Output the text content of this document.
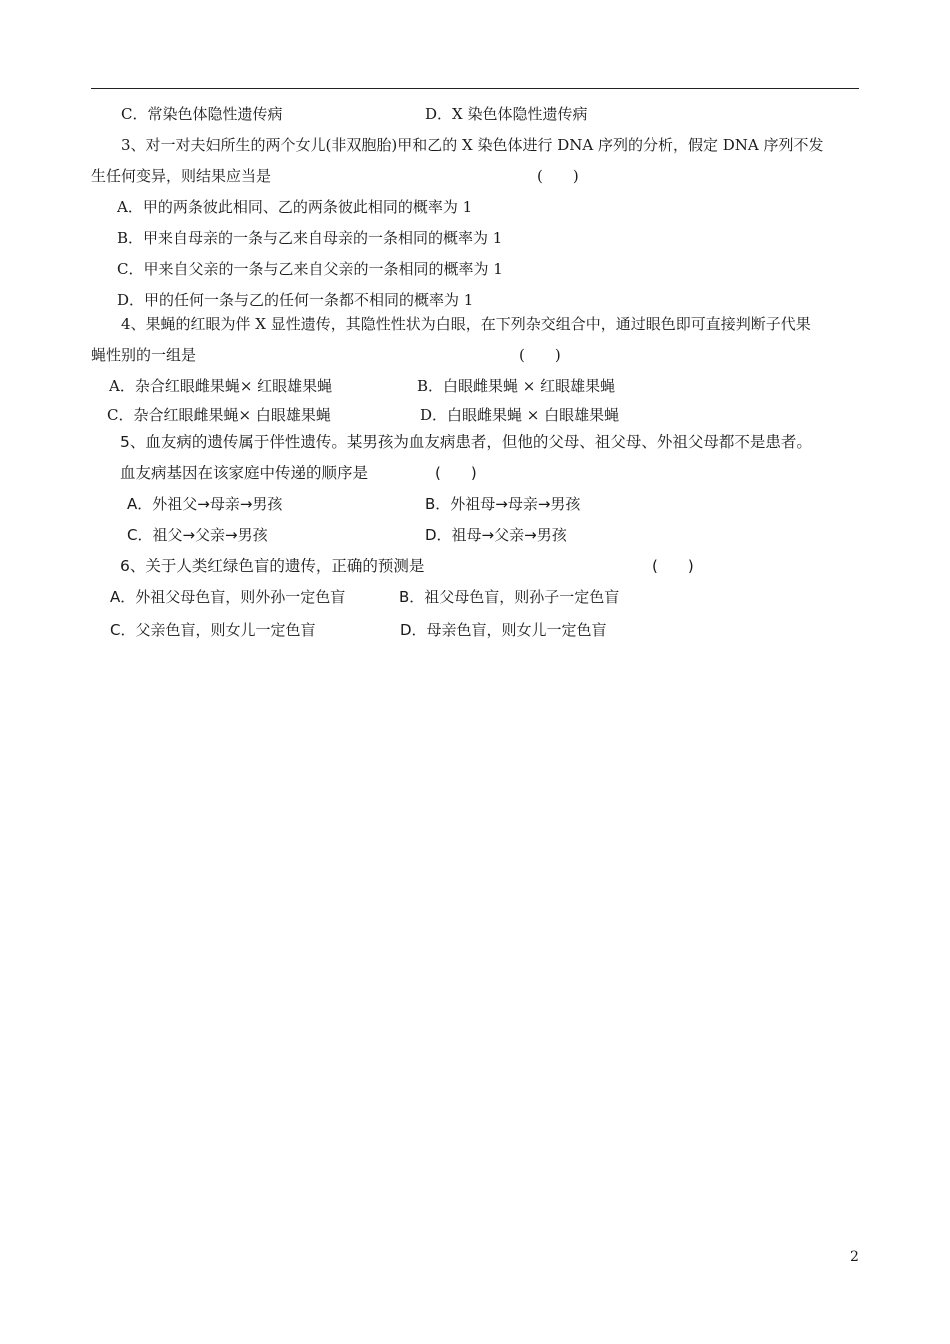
C．常染色体隐性遗传病	D．X 染色体隐性遗传病
3、对一对夫妇所生的两个女儿(非双胞胎)甲和乙的 X 染色体进行 DNA 序列的分析，假定 DNA 序列不发
生任何变异，则结果应当是	(　　)
A．甲的两条彼此相同、乙的两条彼此相同的概率为 1
B．甲来自母亲的一条与乙来自母亲的一条相同的概率为 1
C．甲来自父亲的一条与乙来自父亲的一条相同的概率为 1
D．甲的任何一条与乙的任何一条都不相同的概率为 1
4、果蝇的红眼为伴 X 显性遗传，其隐性性状为白眼，在下列杂交组合中，通过眼色即可直接判断子代果
蝇性别的一组是	(　　)
A．杂合红眼雌果蝇× 红眼雄果蝇	B．白眼雌果蝇 × 红眼雄果蝇
C．杂合红眼雌果蝇× 白眼雄果蝇	D．白眼雌果蝇 × 白眼雄果蝇
5、血友病的遗传属于伴性遗传。某男孩为血友病患者，但他的父母、祖父母、外祖父母都不是患者。
血友病基因在该家庭中传递的顺序是	(　　)
A．外祖父→母亲→男孩	B．外祖母→母亲→男孩
C．祖父→父亲→男孩	D．祖母→父亲→男孩
6、关于人类红绿色盲的遗传，正确的预测是	(　　)
A．外祖父母色盲，则外孙一定色盲	B．祖父母色盲，则孙子一定色盲
C．父亲色盲，则女儿一定色盲	D．母亲色盲，则女儿一定色盲
2
